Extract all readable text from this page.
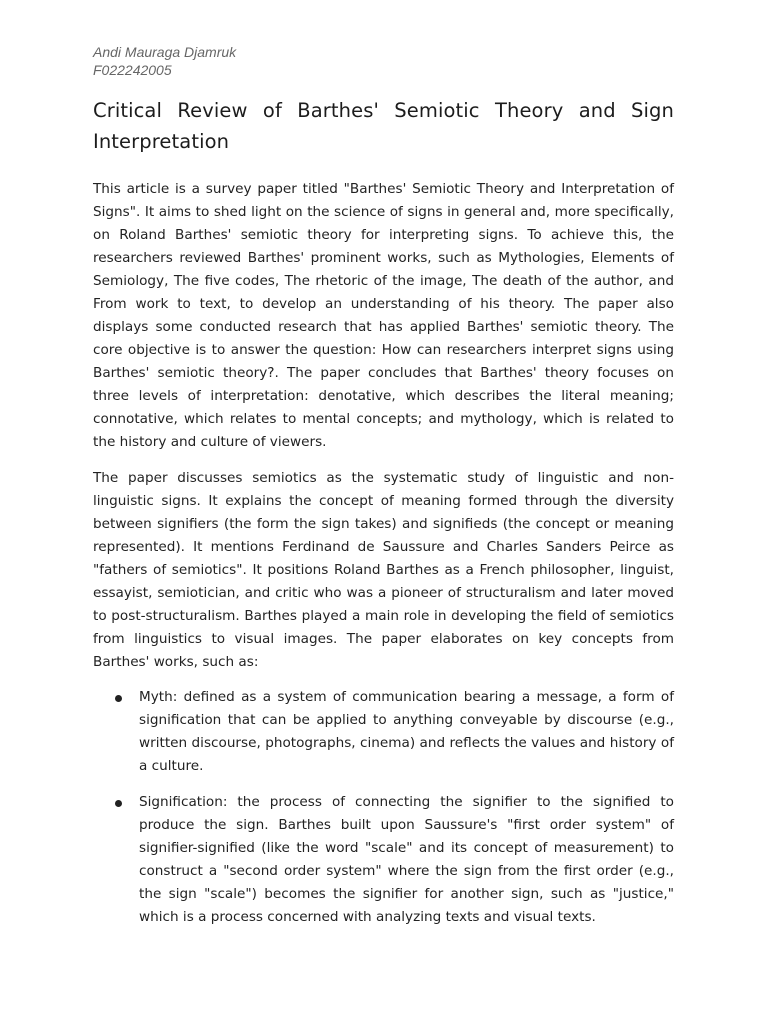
Andi Mauraga Djamruk
F022242005
Critical Review of Barthes' Semiotic Theory and Sign Interpretation

This article is a survey paper titled "Barthes' Semiotic Theory and Interpretation of Signs". It aims to shed light on the science of signs in general and, more specifically, on Roland Barthes' semiotic theory for interpreting signs. To achieve this, the researchers reviewed Barthes' prominent works, such as Mythologies, Elements of Semiology, The five codes, The rhetoric of the image, The death of the author, and From work to text, to develop an understanding of his theory. The paper also displays some conducted research that has applied Barthes' semiotic theory. The core objective is to answer the question: How can researchers interpret signs using Barthes' semiotic theory?. The paper concludes that Barthes' theory focuses on three levels of interpretation: denotative, which describes the literal meaning; connotative, which relates to mental concepts; and mythology, which is related to the history and culture of viewers.

The paper discusses semiotics as the systematic study of linguistic and non-linguistic signs. It explains the concept of meaning formed through the diversity between signifiers (the form the sign takes) and signifieds (the concept or meaning represented). It mentions Ferdinand de Saussure and Charles Sanders Peirce as "fathers of semiotics". It positions Roland Barthes as a French philosopher, linguist, essayist, semiotician, and critic who was a pioneer of structuralism and later moved to post-structuralism. Barthes played a main role in developing the field of semiotics from linguistics to visual images. The paper elaborates on key concepts from Barthes' works, such as:

Myth: defined as a system of communication bearing a message, a form of signification that can be applied to anything conveyable by discourse (e.g., written discourse, photographs, cinema) and reflects the values and history of a culture.
Signification: the process of connecting the signifier to the signified to produce the sign. Barthes built upon Saussure's "first order system" of signifier-signified (like the word "scale" and its concept of measurement) to construct a "second order system" where the sign from the first order (e.g., the sign "scale") becomes the signifier for another sign, such as "justice," which is a process concerned with analyzing texts and visual texts.
